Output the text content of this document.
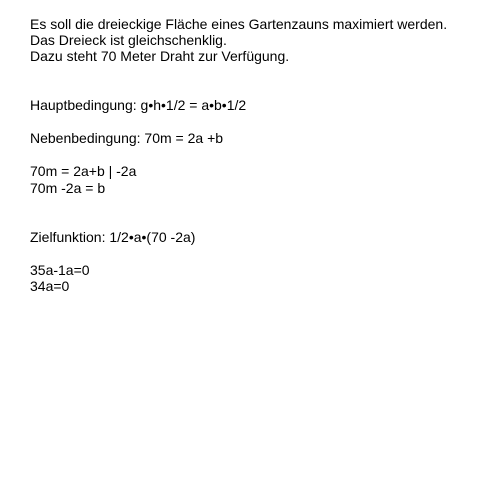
Es soll die dreieckige Fläche eines Gartenzauns maximiert werden.

Das Dreieck ist gleichschenklig.

Dazu steht 70 Meter Draht zur Verfügung.

Hauptbedingung: g•h•1/2 = a•b•1/2

Nebenbedingung: 70m = 2a +b

70m = 2a+b | -2a

70m -2a = b

Zielfunktion: 1/2•a•(70 -2a)

35a-1a=0

34a=0
